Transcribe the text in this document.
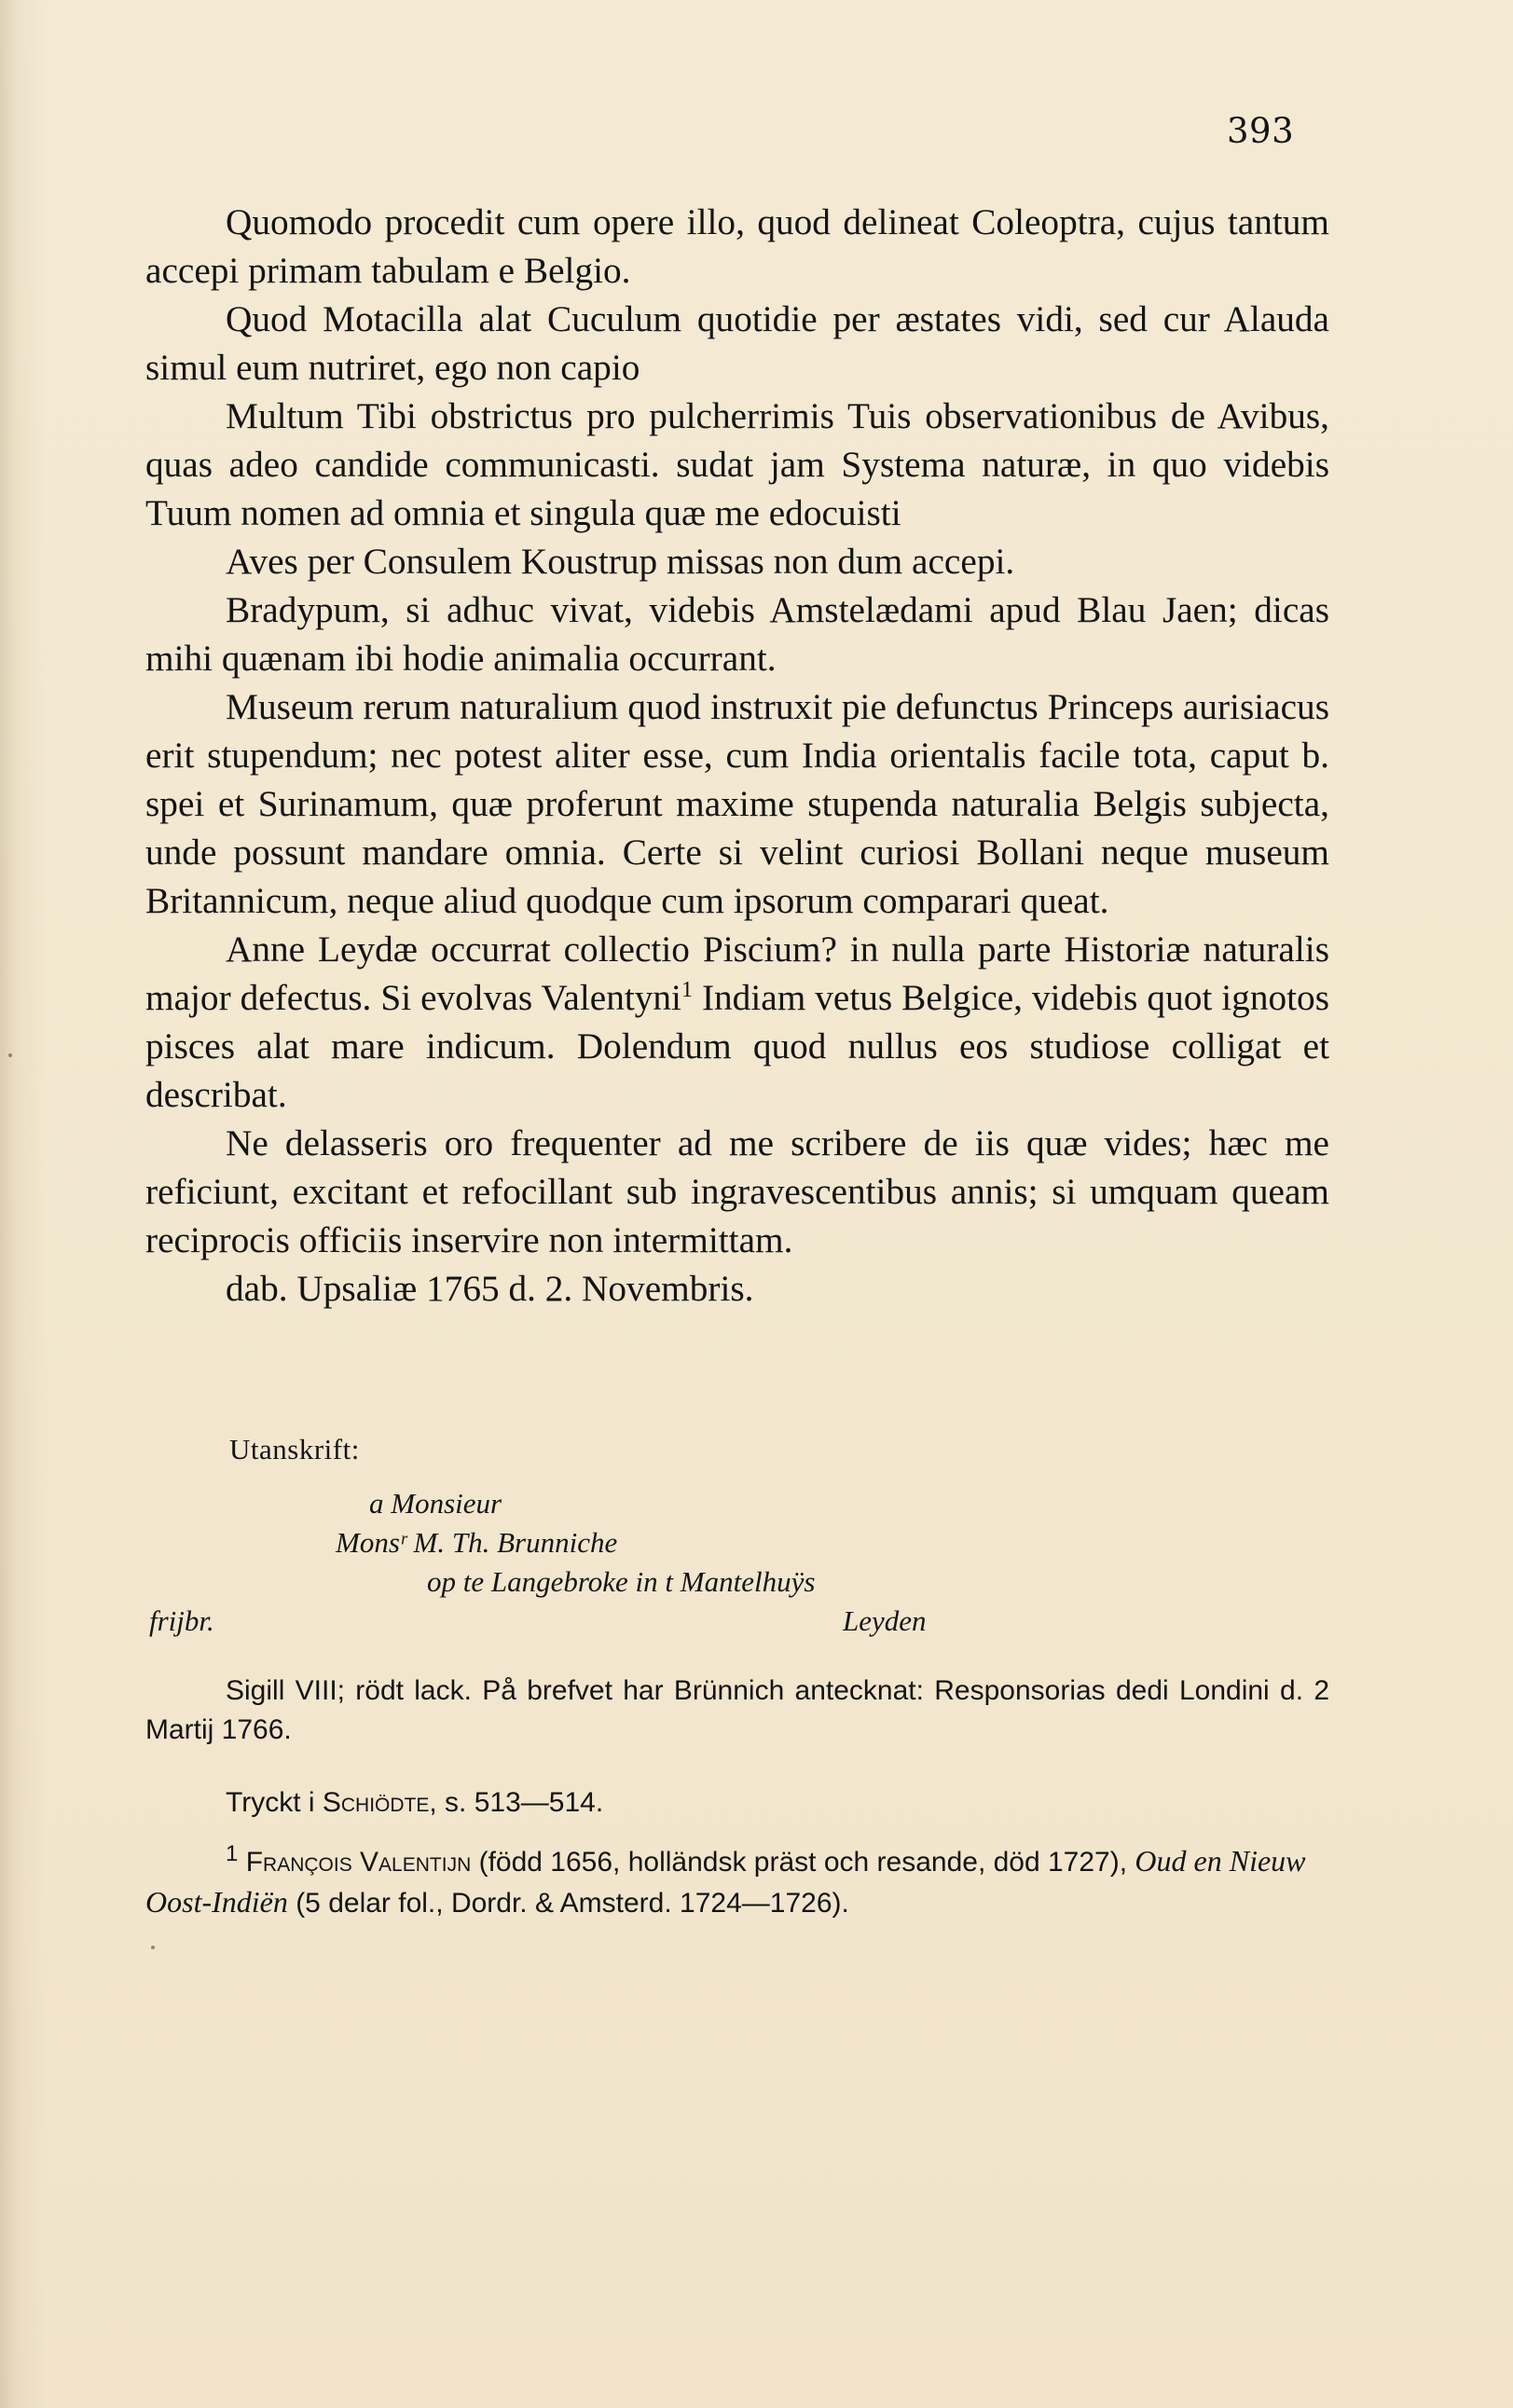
393

Quomodo procedit cum opere illo, quod delineat Coleoptra, cujus tantum accepi primam tabulam e Belgio.

Quod Motacilla alat Cuculum quotidie per æstates vidi, sed cur Alauda simul eum nutriret, ego non capio

Multum Tibi obstrictus pro pulcherrimis Tuis observationibus de Avibus, quas adeo candide communicasti. sudat jam Systema naturæ, in quo videbis Tuum nomen ad omnia et singula quæ me edocuisti

Aves per Consulem Koustrup missas non dum accepi.

Bradypum, si adhuc vivat, videbis Amstelædami apud Blau Jaen; dicas mihi quænam ibi hodie animalia occurrant.

Museum rerum naturalium quod instruxit pie defunctus Princeps aurisiacus erit stupendum; nec potest aliter esse, cum India orientalis facile tota, caput b. spei et Surinamum, quæ proferunt maxime stupenda naturalia Belgis subjecta, unde possunt mandare omnia. Certe si velint curiosi Bollani neque museum Britannicum, neque aliud quodque cum ipsorum comparari queat.

Anne Leydæ occurrat collectio Piscium? in nulla parte Historiæ naturalis major defectus. Si evolvas Valentyni$^1$ Indiam vetus Belgice, videbis quot ignotos pisces alat mare indicum. Dolendum quod nullus eos studiose colligat et describat.

Ne delasseris oro frequenter ad me scribere de iis quæ vides; hæc me reficiunt, excitant et refocillant sub ingravescentibus annis; si umquam queam reciprocis officiis inservire non intermittam.

dab. Upsaliæ 1765 d. 2. Novembris.

Utanskrift:
a Monsieur
Monsʳ M. Th. Brunniche
op te Langebroke in t Mantelhuÿs
frijbr.	Leyden

Sigill VIII; rödt lack. På brefvet har Brünnich antecknat: Responsorias dedi Londini d. 2 Martij 1766.

Tryckt i Schiödte, s. 513—514.

$^1$ François Valentijn (född 1656, holländsk präst och resande, död 1727), Oud en Nieuw Oost-Indiën (5 delar fol., Dordr. & Amsterd. 1724—1726).
